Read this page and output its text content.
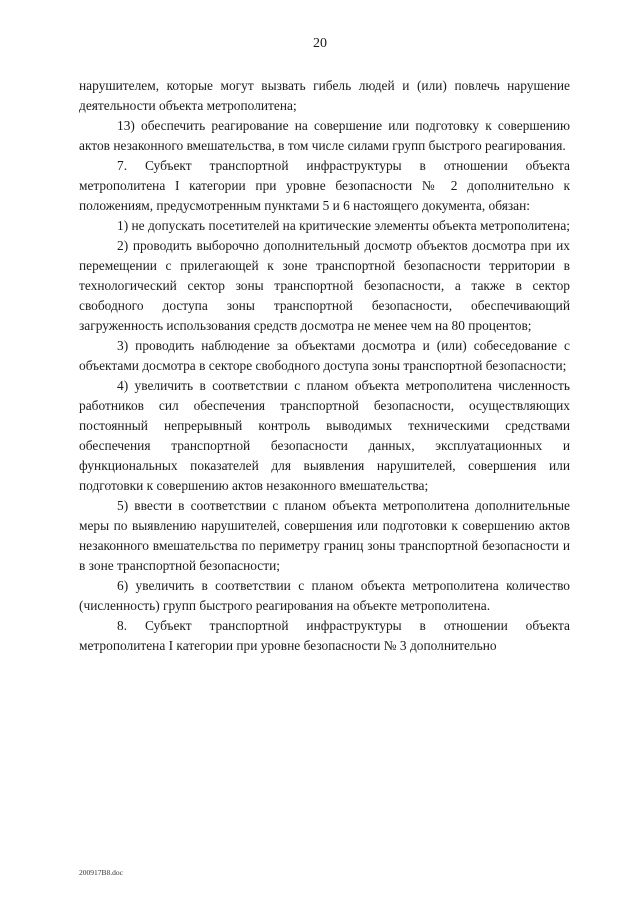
20

нарушителем, которые могут вызвать гибель людей и (или) повлечь нарушение деятельности объекта метрополитена;

13) обеспечить реагирование на совершение или подготовку к совершению актов незаконного вмешательства, в том числе силами групп быстрого реагирования.

7. Субъект транспортной инфраструктуры в отношении объекта метрополитена I категории при уровне безопасности № 2 дополнительно к положениям, предусмотренным пунктами 5 и 6 настоящего документа, обязан:

1) не допускать посетителей на критические элементы объекта метрополитена;

2) проводить выборочно дополнительный досмотр объектов досмотра при их перемещении с прилегающей к зоне транспортной безопасности территории в технологический сектор зоны транспортной безопасности, а также в сектор свободного доступа зоны транспортной безопасности, обеспечивающий загруженность использования средств досмотра не менее чем на 80 процентов;

3) проводить наблюдение за объектами досмотра и (или) собеседование с объектами досмотра в секторе свободного доступа зоны транспортной безопасности;

4) увеличить в соответствии с планом объекта метрополитена численность работников сил обеспечения транспортной безопасности, осуществляющих постоянный непрерывный контроль выводимых техническими средствами обеспечения транспортной безопасности данных, эксплуатационных и функциональных показателей для выявления нарушителей, совершения или подготовки к совершению актов незаконного вмешательства;

5) ввести в соответствии с планом объекта метрополитена дополнительные меры по выявлению нарушителей, совершения или подготовки к совершению актов незаконного вмешательства по периметру границ зоны транспортной безопасности и в зоне транспортной безопасности;

6) увеличить в соответствии с планом объекта метрополитена количество (численность) групп быстрого реагирования на объекте метрополитена.

8. Субъект транспортной инфраструктуры в отношении объекта метрополитена I категории при уровне безопасности № 3 дополнительно

200917B8.doc
